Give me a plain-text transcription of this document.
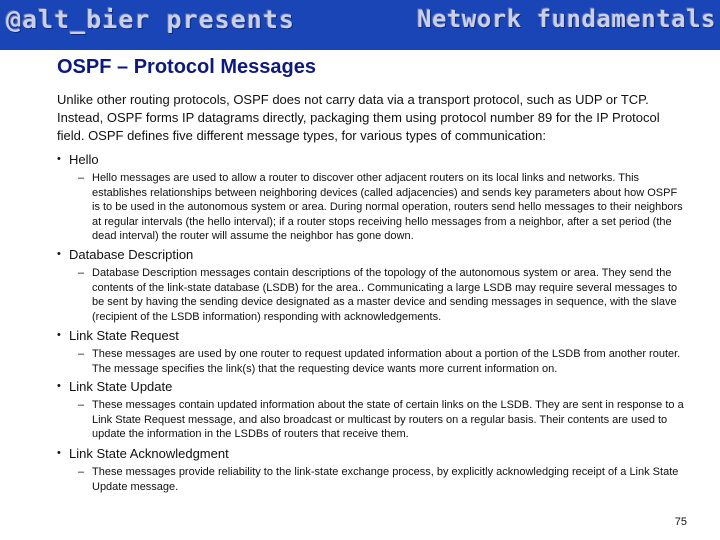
@alt_bier presents	Network fundamentals
OSPF – Protocol Messages
Unlike other routing protocols, OSPF does not carry data via a transport protocol, such as UDP or TCP. Instead, OSPF forms IP datagrams directly, packaging them using protocol number 89 for the IP Protocol field. OSPF defines five different message types, for various types of communication:
• Hello
– Hello messages are used to allow a router to discover other adjacent routers on its local links and networks. This establishes relationships between neighboring devices (called adjacencies) and sends key parameters about how OSPF is to be used in the autonomous system or area. During normal operation, routers send hello messages to their neighbors at regular intervals (the hello interval); if a router stops receiving hello messages from a neighbor, after a set period (the dead interval) the router will assume the neighbor has gone down.
• Database Description
– Database Description messages contain descriptions of the topology of the autonomous system or area. They send the contents of the link-state database (LSDB) for the area.. Communicating a large LSDB may require several messages to be sent by having the sending device designated as a master device and sending messages in sequence, with the slave (recipient of the LSDB information) responding with acknowledgements.
• Link State Request
– These messages are used by one router to request updated information about a portion of the LSDB from another router. The message specifies the link(s) that the requesting device wants more current information on.
• Link State Update
– These messages contain updated information about the state of certain links on the LSDB. They are sent in response to a Link State Request message, and also broadcast or multicast by routers on a regular basis. Their contents are used to update the information in the LSDBs of routers that receive them.
• Link State Acknowledgment
– These messages provide reliability to the link-state exchange process, by explicitly acknowledging receipt of a Link State Update message.
75
